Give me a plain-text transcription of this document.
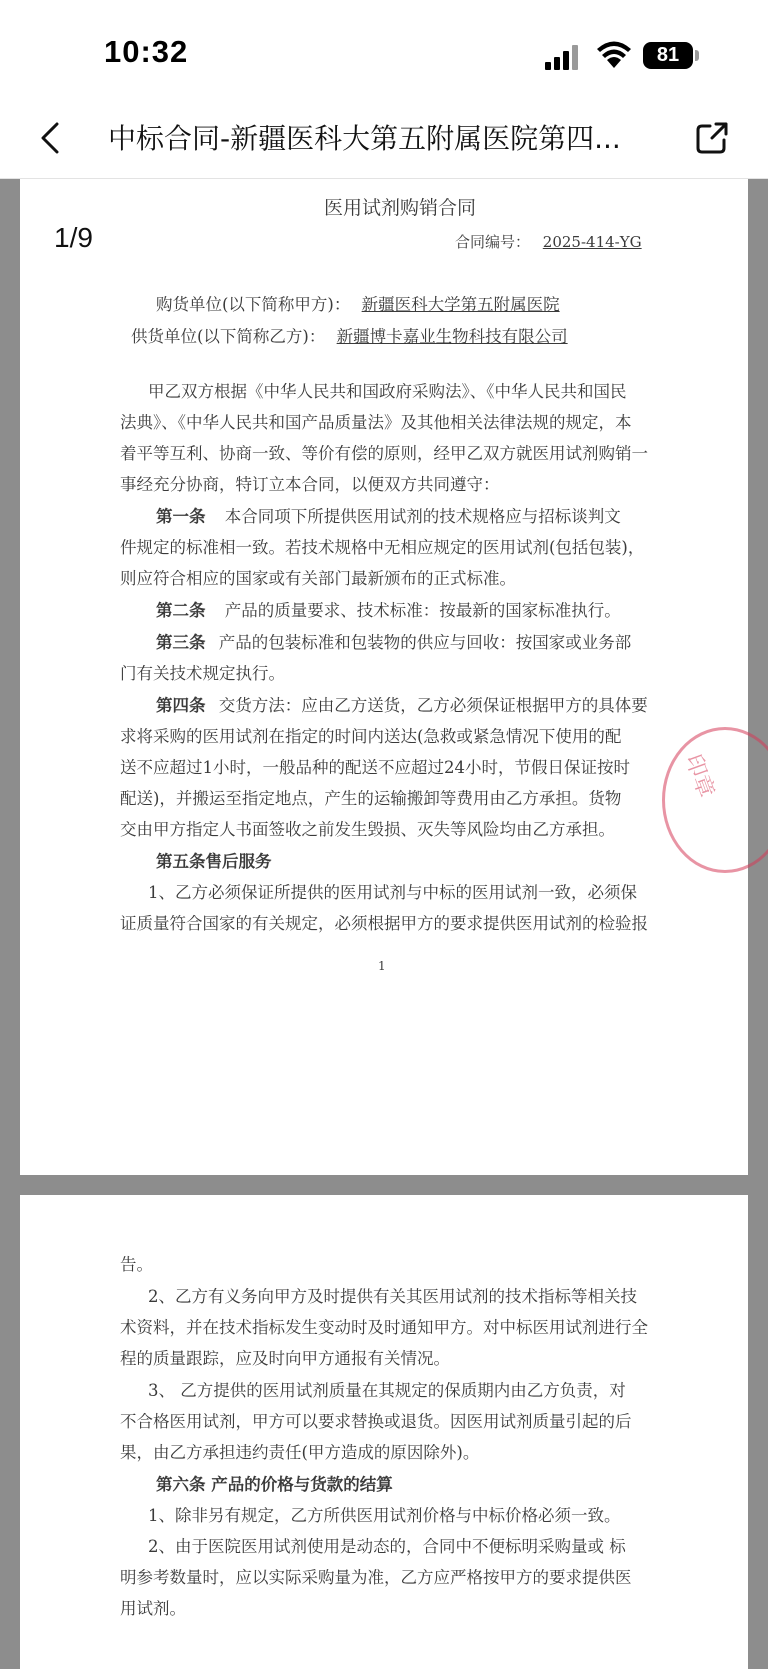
10:32	81
中标合同-新疆医科大第五附属医院第四...
医用试剂购销合同
合同编号： 2025-414-YG
购货单位(以下简称甲方)： 新疆医科大学第五附属医院
供货单位(以下简称乙方)： 新疆博卡嘉业生物科技有限公司
甲乙双方根据《中华人民共和国政府采购法》、《中华人民共和国民
法典》、《中华人民共和国产品质量法》及其他相关法律法规的规定，本
着平等互利、协商一致、等价有偿的原则，经甲乙双方就医用试剂购销一
事经充分协商，特订立本合同，以便双方共同遵守：
第一条 本合同项下所提供医用试剂的技术规格应与招标谈判文
件规定的标准相一致。若技术规格中无相应规定的医用试剂(包括包装)，
则应符合相应的国家或有关部门最新颁布的正式标准。
第二条 产品的质量要求、技术标准：按最新的国家标准执行。
第三条 产品的包装标准和包装物的供应与回收：按国家或业务部
门有关技术规定执行。
第四条 交货方法：应由乙方送货，乙方必须保证根据甲方的具体要
求将采购的医用试剂在指定的时间内送达(急救或紧急情况下使用的配
送不应超过1小时，一般品种的配送不应超过24小时，节假日保证按时
配送)，并搬运至指定地点，产生的运输搬卸等费用由乙方承担。货物
交由甲方指定人书面签收之前发生毁损、灭失等风险均由乙方承担。
第五条售后服务
1、乙方必须保证所提供的医用试剂与中标的医用试剂一致，必须保
证质量符合国家的有关规定，必须根据甲方的要求提供医用试剂的检验报
1
印章
告。
2、乙方有义务向甲方及时提供有关其医用试剂的技术指标等相关技
术资料，并在技术指标发生变动时及时通知甲方。对中标医用试剂进行全
程的质量跟踪，应及时向甲方通报有关情况。
3、 乙方提供的医用试剂质量在其规定的保质期内由乙方负责，对
不合格医用试剂，甲方可以要求替换或退货。因医用试剂质量引起的后
果，由乙方承担违约责任(甲方造成的原因除外)。
第六条 产品的价格与货款的结算
1、除非另有规定，乙方所供医用试剂价格与中标价格必须一致。
2、由于医院医用试剂使用是动态的，合同中不便标明采购量或 标
明参考数量时，应以实际采购量为准，乙方应严格按甲方的要求提供医
用试剂。
1/9
